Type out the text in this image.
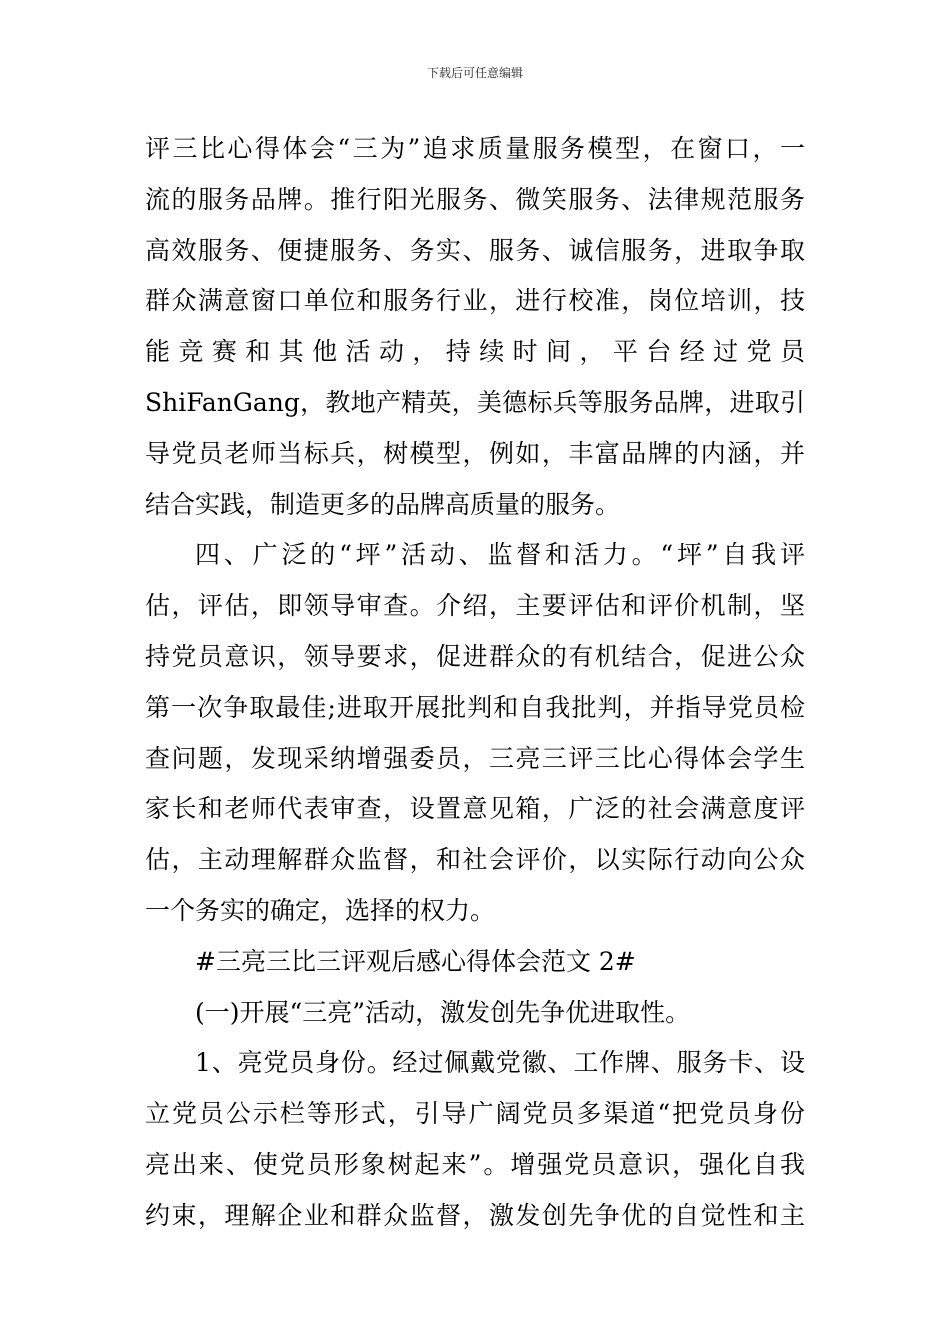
下载后可任意编辑
评三比心得体会“三为”追求质量服务模型，在窗口，一
流的服务品牌。推行阳光服务、微笑服务、法律规范服务
高效服务、便捷服务、务实、服务、诚信服务，进取争取
群众满意窗口单位和服务行业，进行校准，岗位培训，技
能竞赛和其他活动，持续时间，平台经过党员
ShiFanGang，教地产精英，美德标兵等服务品牌，进取引
导党员老师当标兵，树模型，例如，丰富品牌的内涵，并
结合实践，制造更多的品牌高质量的服务。
四、广泛的“坪”活动、监督和活力。“坪”自我评
估，评估，即领导审查。介绍，主要评估和评价机制，坚
持党员意识，领导要求，促进群众的有机结合，促进公众
第一次争取最佳;进取开展批判和自我批判，并指导党员检
查问题，发现采纳增强委员，三亮三评三比心得体会学生
家长和老师代表审查，设置意见箱，广泛的社会满意度评
估，主动理解群众监督，和社会评价，以实际行动向公众
一个务实的确定，选择的权力。
#三亮三比三评观后感心得体会范文 2#
(一)开展“三亮”活动，激发创先争优进取性。
1、亮党员身份。经过佩戴党徽、工作牌、服务卡、设
立党员公示栏等形式，引导广阔党员多渠道“把党员身份
亮出来、使党员形象树起来”。增强党员意识，强化自我
约束，理解企业和群众监督，激发创先争优的自觉性和主
